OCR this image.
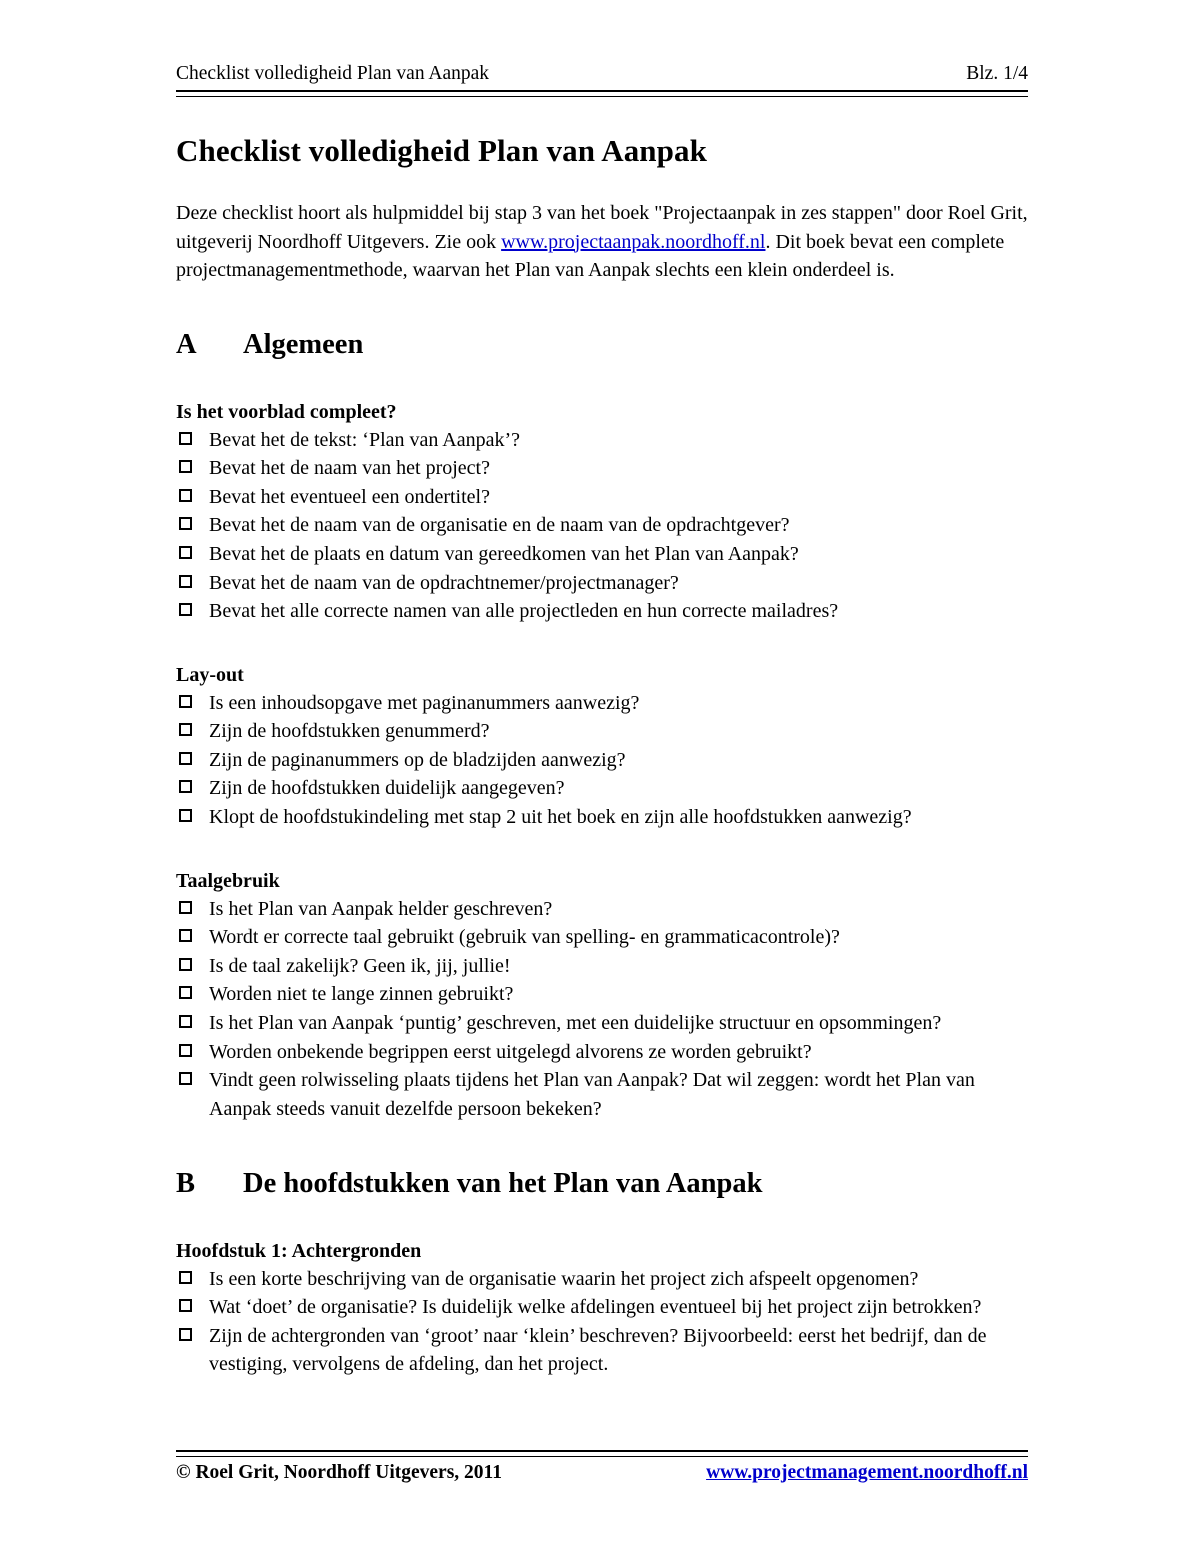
Checklist volledigheid Plan van Aanpak	Blz. 1/4
Checklist volledigheid Plan van Aanpak

Deze checklist hoort als hulpmiddel bij stap 3 van het boek "Projectaanpak in zes stappen" door Roel Grit, uitgeverij Noordhoff Uitgevers. Zie ook www.projectaanpak.noordhoff.nl. Dit boek bevat een complete projectmanagementmethode, waarvan het Plan van Aanpak slechts een klein onderdeel is.

A	Algemeen
Is het voorblad compleet?
Bevat het de tekst: ‘Plan van Aanpak’?
Bevat het de naam van het project?
Bevat het eventueel een ondertitel?
Bevat het de naam van de organisatie en de naam van de opdrachtgever?
Bevat het de plaats en datum van gereedkomen van het Plan van Aanpak?
Bevat het de naam van de opdrachtnemer/projectmanager?
Bevat het alle correcte namen van alle projectleden en hun correcte mailadres?
Lay-out
Is een inhoudsopgave met paginanummers aanwezig?
Zijn de hoofdstukken genummerd?
Zijn de paginanummers op de bladzijden aanwezig?
Zijn de hoofdstukken duidelijk aangegeven?
Klopt de hoofdstukindeling met stap 2 uit het boek en zijn alle hoofdstukken aanwezig?
Taalgebruik
Is het Plan van Aanpak helder geschreven?
Wordt er correcte taal gebruikt (gebruik van spelling- en grammaticacontrole)?
Is de taal zakelijk? Geen ik, jij, jullie!
Worden niet te lange zinnen gebruikt?
Is het Plan van Aanpak ‘puntig’ geschreven, met een duidelijke structuur en opsommingen?
Worden onbekende begrippen eerst uitgelegd alvorens ze worden gebruikt?
Vindt geen rolwisseling plaats tijdens het Plan van Aanpak? Dat wil zeggen: wordt het Plan van Aanpak steeds vanuit dezelfde persoon bekeken?
B	De hoofdstukken van het Plan van Aanpak
Hoofdstuk 1: Achtergronden
Is een korte beschrijving van de organisatie waarin het project zich afspeelt opgenomen?
Wat ‘doet’ de organisatie? Is duidelijk welke afdelingen eventueel bij het project zijn betrokken?
Zijn de achtergronden van ‘groot’ naar ‘klein’ beschreven? Bijvoorbeeld: eerst het bedrijf, dan de vestiging, vervolgens de afdeling, dan het project.
© Roel Grit, Noordhoff Uitgevers, 2011	www.projectmanagement.noordhoff.nl
